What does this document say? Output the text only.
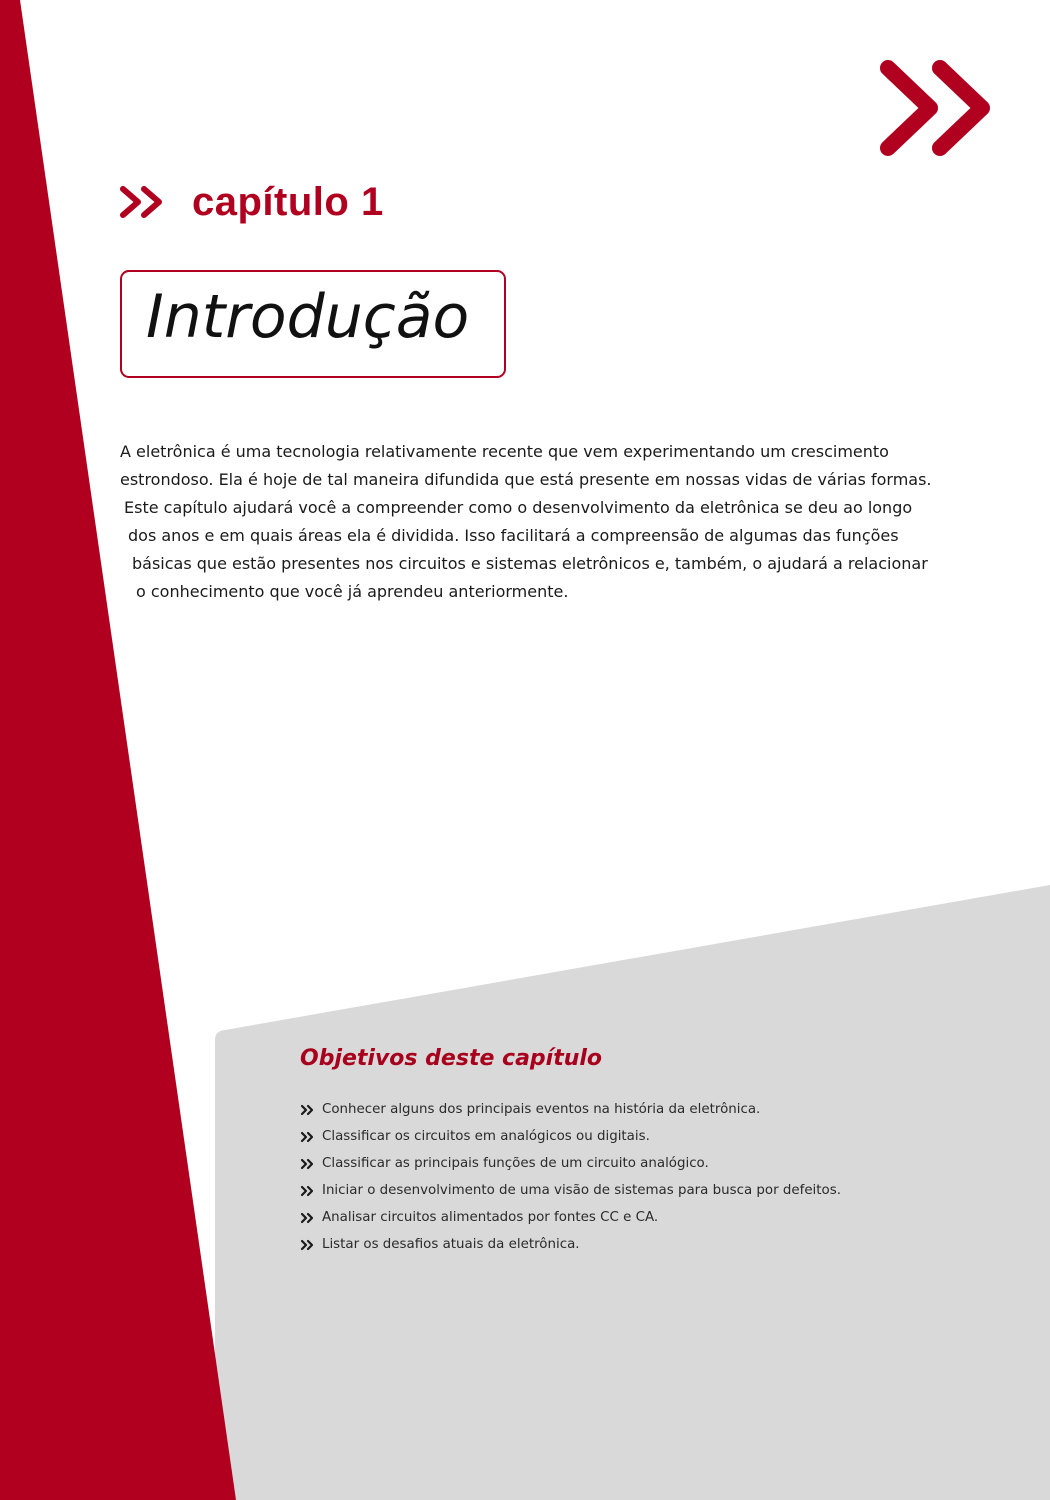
capítulo 1
Introdução
A eletrônica é uma tecnologia relativamente recente que vem experimentando um crescimento
estrondoso. Ela é hoje de tal maneira difundida que está presente em nossas vidas de várias formas.
Este capítulo ajudará você a compreender como o desenvolvimento da eletrônica se deu ao longo
dos anos e em quais áreas ela é dividida. Isso facilitará a compreensão de algumas das funções
básicas que estão presentes nos circuitos e sistemas eletrônicos e, também, o ajudará a relacionar
o conhecimento que você já aprendeu anteriormente.
Objetivos deste capítulo
Conhecer alguns dos principais eventos na história da eletrônica.
Classificar os circuitos em analógicos ou digitais.
Classificar as principais funções de um circuito analógico.
Iniciar o desenvolvimento de uma visão de sistemas para busca por defeitos.
Analisar circuitos alimentados por fontes CC e CA.
Listar os desafios atuais da eletrônica.
